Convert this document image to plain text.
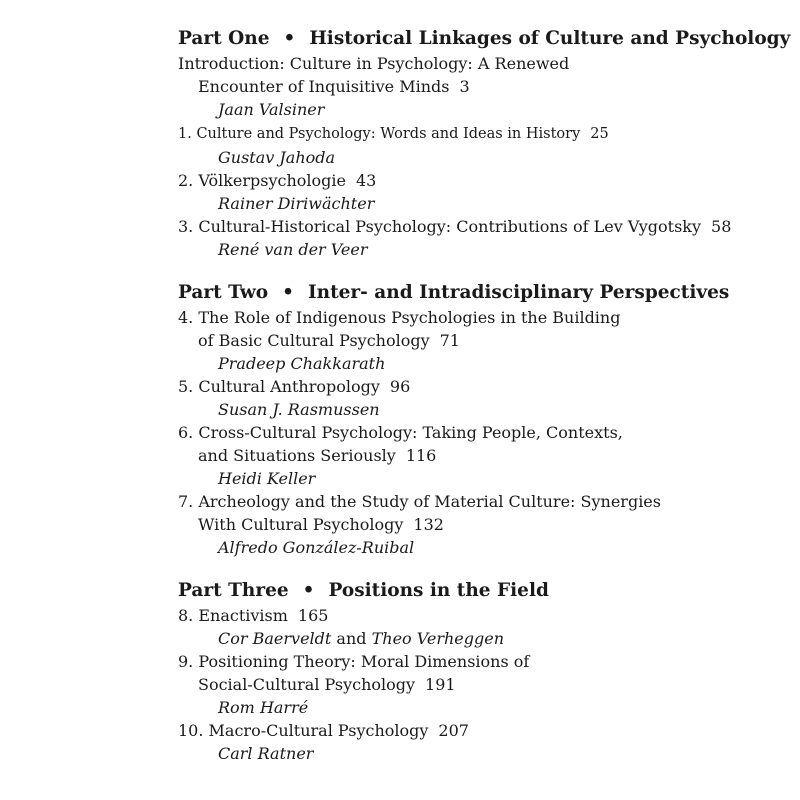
Part One • Historical Linkages of Culture and Psychology
Introduction: Culture in Psychology: A Renewed
Encounter of Inquisitive Minds 3
Jaan Valsiner
1. Culture and Psychology: Words and Ideas in History 25
Gustav Jahoda
2. Völkerpsychologie 43
Rainer Diriwächter
3. Cultural-Historical Psychology: Contributions of Lev Vygotsky 58
René van der Veer
Part Two • Inter- and Intradisciplinary Perspectives
4. The Role of Indigenous Psychologies in the Building
of Basic Cultural Psychology 71
Pradeep Chakkarath
5. Cultural Anthropology 96
Susan J. Rasmussen
6. Cross-Cultural Psychology: Taking People, Contexts,
and Situations Seriously 116
Heidi Keller
7. Archeology and the Study of Material Culture: Synergies
With Cultural Psychology 132
Alfredo González-Ruibal
Part Three • Positions in the Field
8. Enactivism 165
Cor Baerveldt and Theo Verheggen
9. Positioning Theory: Moral Dimensions of
Social-Cultural Psychology 191
Rom Harré
10. Macro-Cultural Psychology 207
Carl Ratner
